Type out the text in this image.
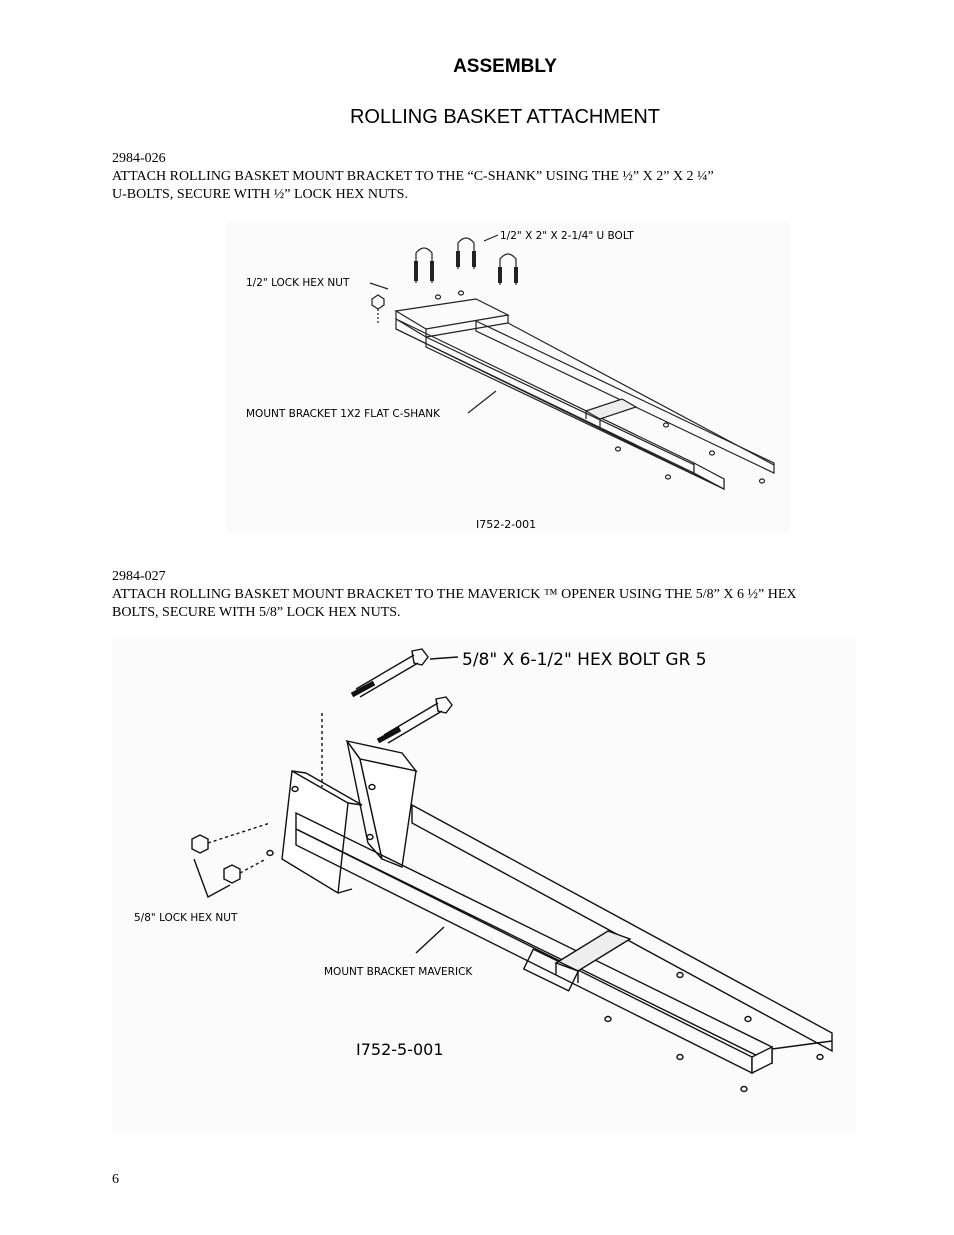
ASSEMBLY
ROLLING BASKET ATTACHMENT

2984-026

ATTACH ROLLING BASKET MOUNT BRACKET TO THE “C-SHANK” USING THE ½” X 2” X 2 ¼”

U-BOLTS, SECURE WITH ½” LOCK HEX NUTS.

1/2" X 2" X 2-1/4" U BOLT
1/2" LOCK HEX NUT
MOUNT BRACKET 1X2 FLAT C-SHANK
I752-2-001

2984-027

ATTACH ROLLING BASKET MOUNT BRACKET TO THE MAVERICK ™ OPENER USING THE 5/8” X 6 ½” HEX

BOLTS, SECURE WITH 5/8” LOCK HEX NUTS.

5/8" X 6-1/2" HEX BOLT GR 5
5/8" LOCK HEX NUT
MOUNT BRACKET MAVERICK
I752-5-001
6
